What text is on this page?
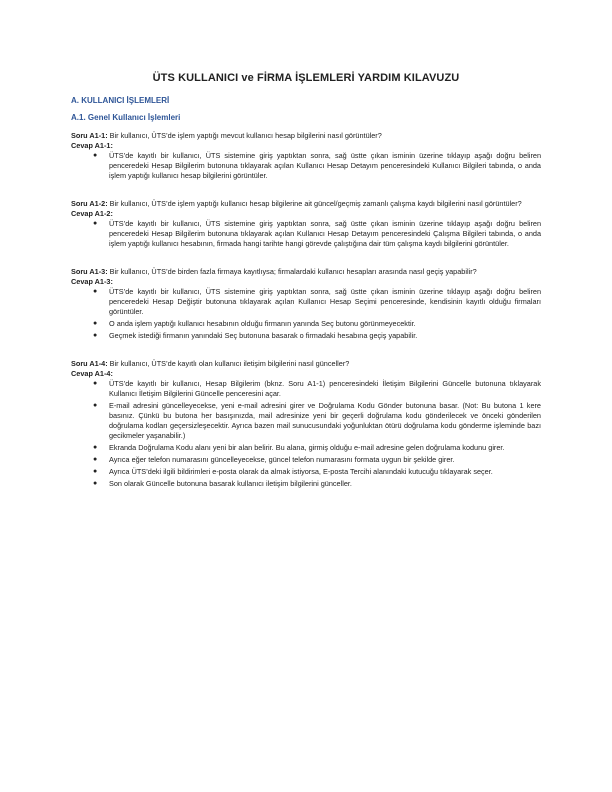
ÜTS KULLANICI ve FİRMA İŞLEMLERİ YARDIM KILAVUZU
A. KULLANICI İŞLEMLERİ
A.1. Genel Kullanıcı İşlemleri
Soru A1-1: Bir kullanıcı, ÜTS’de işlem yaptığı mevcut kullanıcı hesap bilgilerini nasıl görüntüler?
Cevap A1-1:
● ÜTS’de kayıtlı bir kullanıcı, ÜTS sistemine giriş yaptıktan sonra, sağ üstte çıkan isminin üzerine tıklayıp aşağı doğru beliren penceredeki Hesap Bilgilerim butonuna tıklayarak açılan Kullanıcı Hesap Detayım penceresindeki Kullanıcı Bilgileri tabında, o anda işlem yaptığı kullanıcı hesap bilgilerini görüntüler.
Soru A1-2: Bir kullanıcı, ÜTS’de işlem yaptığı kullanıcı hesap bilgilerine ait güncel/geçmiş zamanlı çalışma kaydı bilgilerini nasıl görüntüler?
Cevap A1-2:
● ÜTS’de kayıtlı bir kullanıcı, ÜTS sistemine giriş yaptıktan sonra, sağ üstte çıkan isminin üzerine tıklayıp aşağı doğru beliren penceredeki Hesap Bilgilerim butonuna tıklayarak açılan Kullanıcı Hesap Detayım penceresindeki Çalışma Bilgileri tabında, o anda işlem yaptığı kullanıcı hesabının, firmada hangi tarihte hangi görevde çalıştığına dair tüm çalışma kaydı bilgilerini görüntüler.
Soru A1-3: Bir kullanıcı, ÜTS’de birden fazla firmaya kayıtlıysa; firmalardaki kullanıcı hesapları arasında nasıl geçiş yapabilir?
Cevap A1-3:
● ÜTS’de kayıtlı bir kullanıcı, ÜTS sistemine giriş yaptıktan sonra, sağ üstte çıkan isminin üzerine tıklayıp aşağı doğru beliren penceredeki Hesap Değiştir butonuna tıklayarak açılan Kullanıcı Hesap Seçimi penceresinde, kendisinin kayıtlı olduğu firmaları görüntüler.
● O anda işlem yaptığı kullanıcı hesabının olduğu firmanın yanında Seç butonu görünmeyecektir.
● Geçmek istediği firmanın yanındaki Seç butonuna basarak o firmadaki hesabına geçiş yapabilir.
Soru A1-4: Bir kullanıcı, ÜTS’de kayıtlı olan kullanıcı iletişim bilgilerini nasıl günceller?
Cevap A1-4:
● ÜTS’de kayıtlı bir kullanıcı, Hesap Bilgilerim (bknz. Soru A1-1) penceresindeki İletişim Bilgilerini Güncelle butonuna tıklayarak Kullanıcı İletişim Bilgilerini Güncelle penceresini açar.
● E-mail adresini güncelleyecekse, yeni e-mail adresini girer ve Doğrulama Kodu Gönder butonuna basar. (Not: Bu butona 1 kere basınız. Çünkü bu butona her basışınızda, mail adresinize yeni bir geçerli doğrulama kodu gönderilecek ve önceki gönderilen doğrulama kodları geçersizleşecektir. Ayrıca bazen mail sunucusundaki yoğunluktan ötürü doğrulama kodu gönderme işleminde bazı gecikmeler yaşanabilir.)
● Ekranda Doğrulama Kodu alanı yeni bir alan belirir. Bu alana, girmiş olduğu e-mail adresine gelen doğrulama kodunu girer.
● Ayrıca eğer telefon numarasını güncelleyecekse, güncel telefon numarasını formata uygun bir şekilde girer.
● Ayrıca ÜTS’deki ilgili bildirimleri e-posta olarak da almak istiyorsa, E-posta Tercihi alanındaki kutucuğu tıklayarak seçer.
● Son olarak Güncelle butonuna basarak kullanıcı iletişim bilgilerini günceller.
